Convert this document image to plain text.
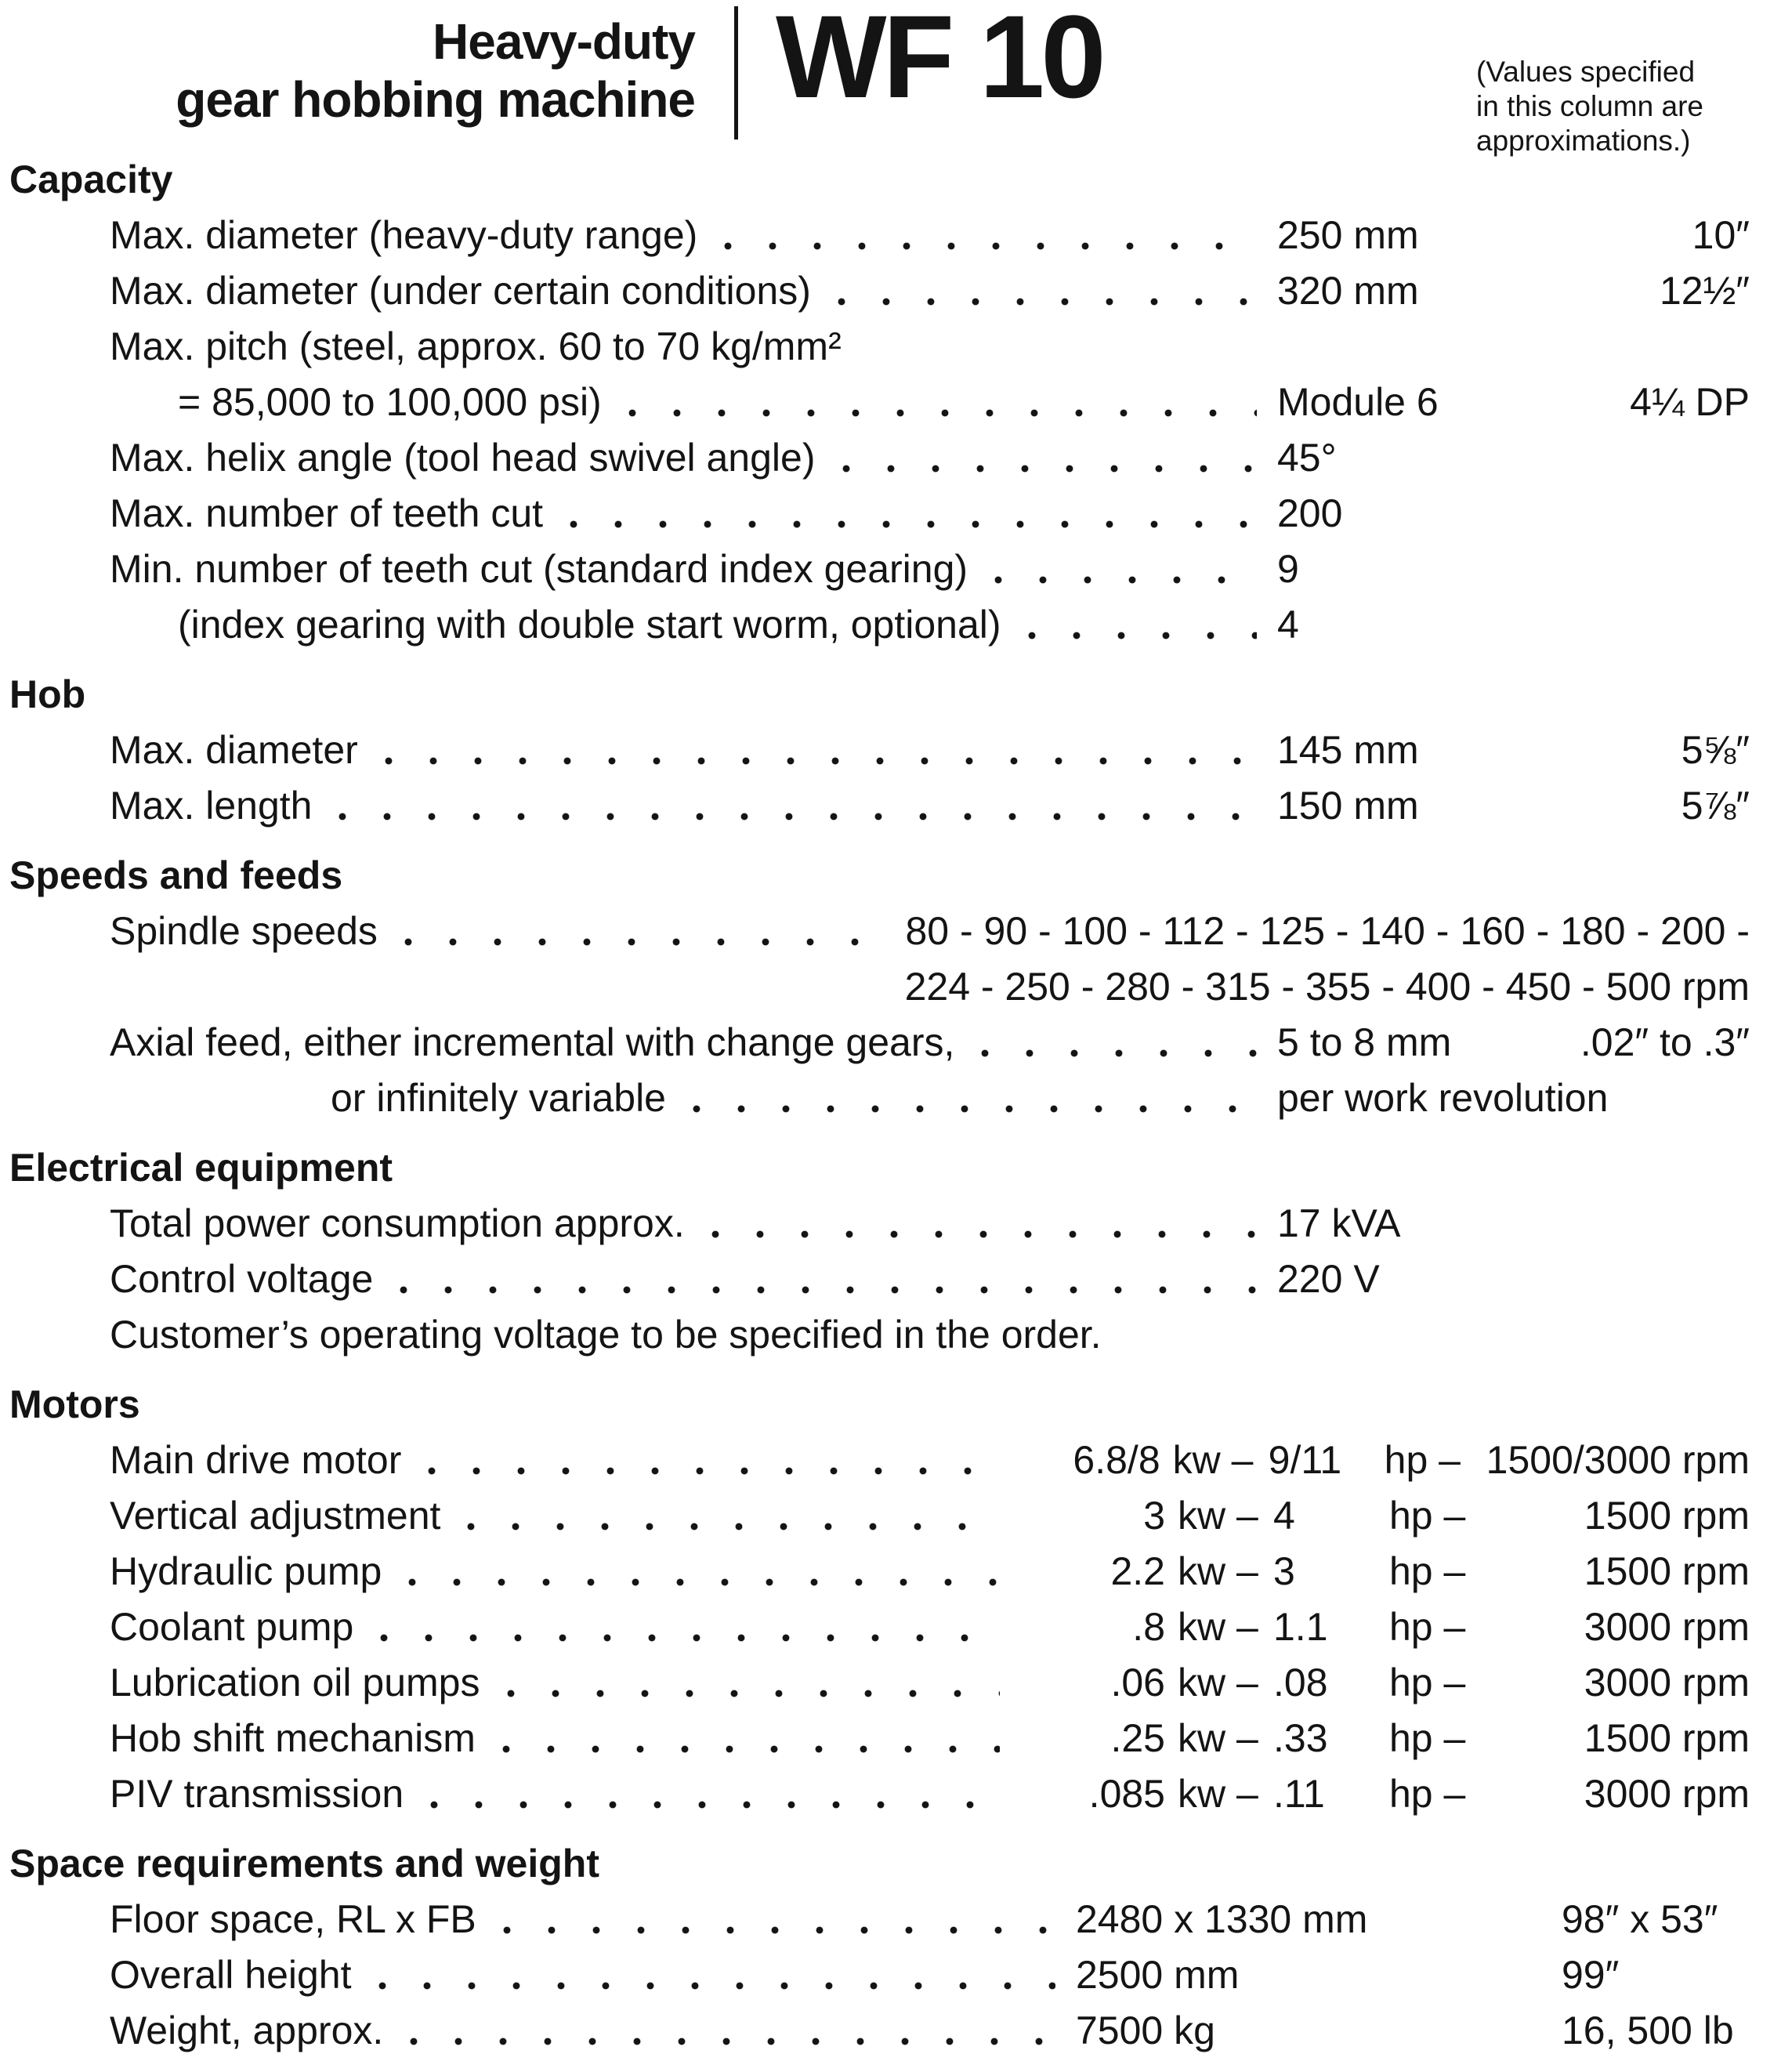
Heavy-duty
gear hobbing machine WF 10	(Values specified
in this column are
approximations.)
Capacity
Max. diameter (heavy-duty range)	250 mm	10″
Max. diameter (under certain conditions)	320 mm	12½″
Max. pitch (steel, approx. 60 to 70 kg/mm²
= 85,000 to 100,000 psi)	Module 6	4¼ DP
Max. helix angle (tool head swivel angle)	45°
Max. number of teeth cut	200
Min. number of teeth cut (standard index gearing)	9
(index gearing with double start worm, optional)	4
Hob
Max. diameter	145 mm	5⅝″
Max. length	150 mm	5⅞″
Speeds and feeds
Spindle speeds	80 - 90 - 100 - 112 - 125 - 140 - 160 - 180 - 200 -
224 - 250 - 280 - 315 - 355 - 400 - 450 - 500 rpm
Axial feed, either incremental with change gears,	5 to 8 mm	.02″ to .3″
or infinitely variable	per work revolution
Electrical equipment
Total power consumption approx.	17 kVA
Control voltage	220 V
Customer’s operating voltage to be specified in the order.
Motors
Main drive motor	6.8/8 kw – 9/11	hp – 1500/3000 rpm
Vertical adjustment	3 kw – 4	hp –	1500 rpm
Hydraulic pump	2.2 kw – 3	hp –	1500 rpm
Coolant pump	.8 kw – 1.1	hp –	3000 rpm
Lubrication oil pumps	.06 kw – .08	hp –	3000 rpm
Hob shift mechanism	.25 kw – .33	hp –	1500 rpm
PIV transmission	.085 kw – .11	hp –	3000 rpm
Space requirements and weight
Floor space, RL x FB	2480 x 1330 mm	98″ x 53″
Overall height	2500 mm	99″
Weight, approx.	7500 kg	16, 500 lb
